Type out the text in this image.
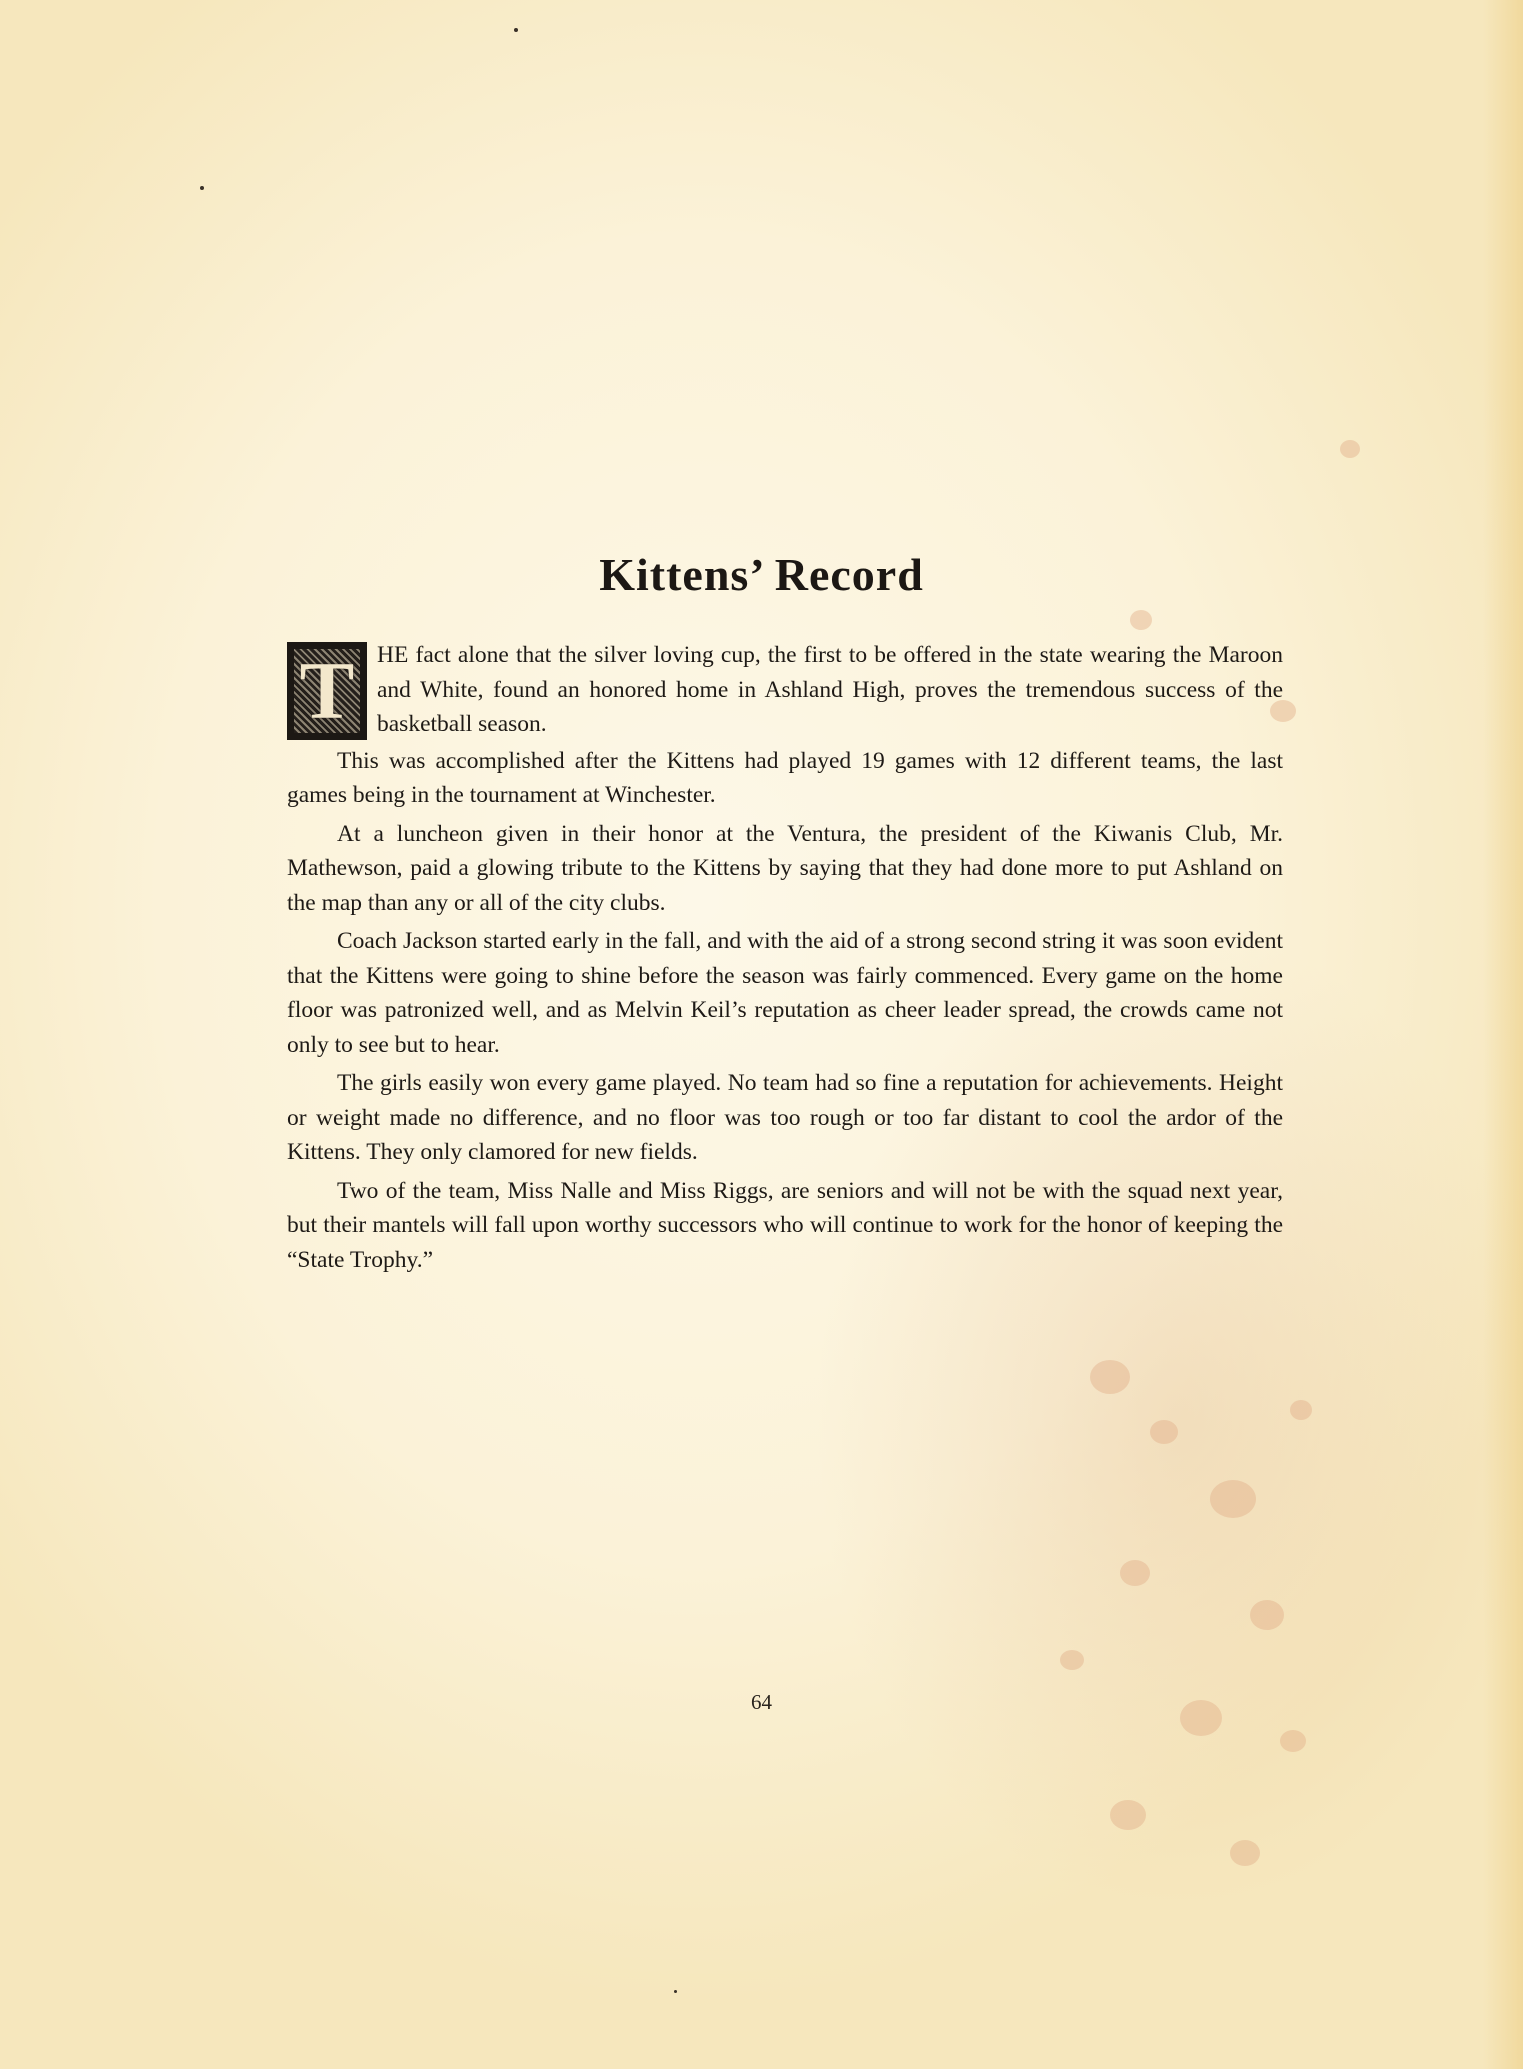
Kittens’ Record
T HE fact alone that the silver loving cup, the first to be offered in the state wearing the Maroon and White, found an honored home in Ashland High, proves the tremendous success of the basketball season.

This was accomplished after the Kittens had played 19 games with 12 different teams, the last games being in the tournament at Winchester.

At a luncheon given in their honor at the Ventura, the president of the Kiwanis Club, Mr. Mathewson, paid a glowing tribute to the Kittens by saying that they had done more to put Ashland on the map than any or all of the city clubs.

Coach Jackson started early in the fall, and with the aid of a strong second string it was soon evident that the Kittens were going to shine before the season was fairly commenced. Every game on the home floor was patronized well, and as Melvin Keil’s reputation as cheer leader spread, the crowds came not only to see but to hear.

The girls easily won every game played. No team had so fine a reputation for achievements. Height or weight made no difference, and no floor was too rough or too far distant to cool the ardor of the Kittens. They only clamored for new fields.

Two of the team, Miss Nalle and Miss Riggs, are seniors and will not be with the squad next year, but their mantels will fall upon worthy successors who will continue to work for the honor of keeping the “State Trophy.”

64
